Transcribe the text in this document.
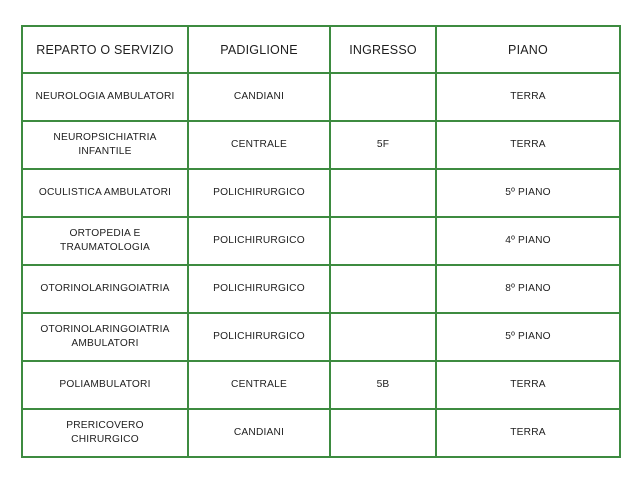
REPARTO O SERVIZIO	PADIGLIONE	INGRESSO	PIANO
NEUROLOGIA AMBULATORI	CANDIANI		TERRA
NEUROPSICHIATRIA INFANTILE	CENTRALE	5F	TERRA
OCULISTICA AMBULATORI	POLICHIRURGICO		5º PIANO
ORTOPEDIA E TRAUMATOLOGIA	POLICHIRURGICO		4º PIANO
OTORINOLARINGOIATRIA	POLICHIRURGICO		8º PIANO
OTORINOLARINGOIATRIA AMBULATORI	POLICHIRURGICO		5º PIANO
POLIAMBULATORI	CENTRALE	5B	TERRA
PRERICOVERO CHIRURGICO	CANDIANI		TERRA
